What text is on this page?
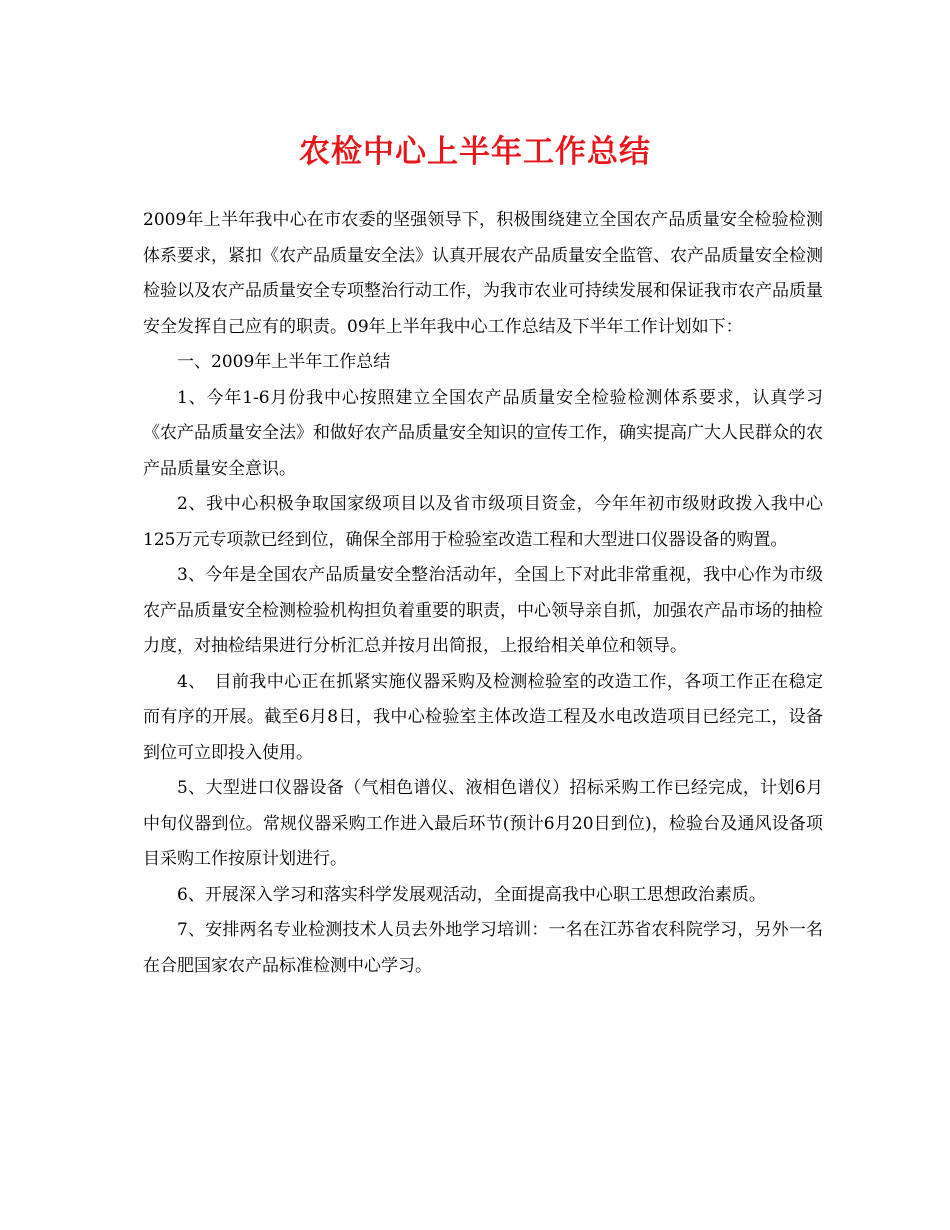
农检中心上半年工作总结

2009年上半年我中心在市农委的坚强领导下，积极围绕建立全国农产品质量安全检验检测体系要求，紧扣《农产品质量安全法》认真开展农产品质量安全监管、农产品质量安全检测检验以及农产品质量安全专项整治行动工作，为我市农业可持续发展和保证我市农产品质量安全发挥自己应有的职责。09年上半年我中心工作总结及下半年工作计划如下：

一、2009年上半年工作总结

1、今年1-6月份我中心按照建立全国农产品质量安全检验检测体系要求，认真学习《农产品质量安全法》和做好农产品质量安全知识的宣传工作，确实提高广大人民群众的农产品质量安全意识。

2、我中心积极争取国家级项目以及省市级项目资金，今年年初市级财政拨入我中心125万元专项款已经到位，确保全部用于检验室改造工程和大型进口仪器设备的购置。

3、今年是全国农产品质量安全整治活动年，全国上下对此非常重视，我中心作为市级农产品质量安全检测检验机构担负着重要的职责，中心领导亲自抓，加强农产品市场的抽检力度，对抽检结果进行分析汇总并按月出简报，上报给相关单位和领导。

4、　目前我中心正在抓紧实施仪器采购及检测检验室的改造工作，各项工作正在稳定而有序的开展。截至6月8日，我中心检验室主体改造工程及水电改造项目已经完工，设备到位可立即投入使用。

5、大型进口仪器设备（气相色谱仪、液相色谱仪）招标采购工作已经完成，计划6月中旬仪器到位。常规仪器采购工作进入最后环节(预计6月20日到位)，检验台及通风设备项目采购工作按原计划进行。

6、开展深入学习和落实科学发展观活动，全面提高我中心职工思想政治素质。

7、安排两名专业检测技术人员去外地学习培训：一名在江苏省农科院学习，另外一名在合肥国家农产品标准检测中心学习。
